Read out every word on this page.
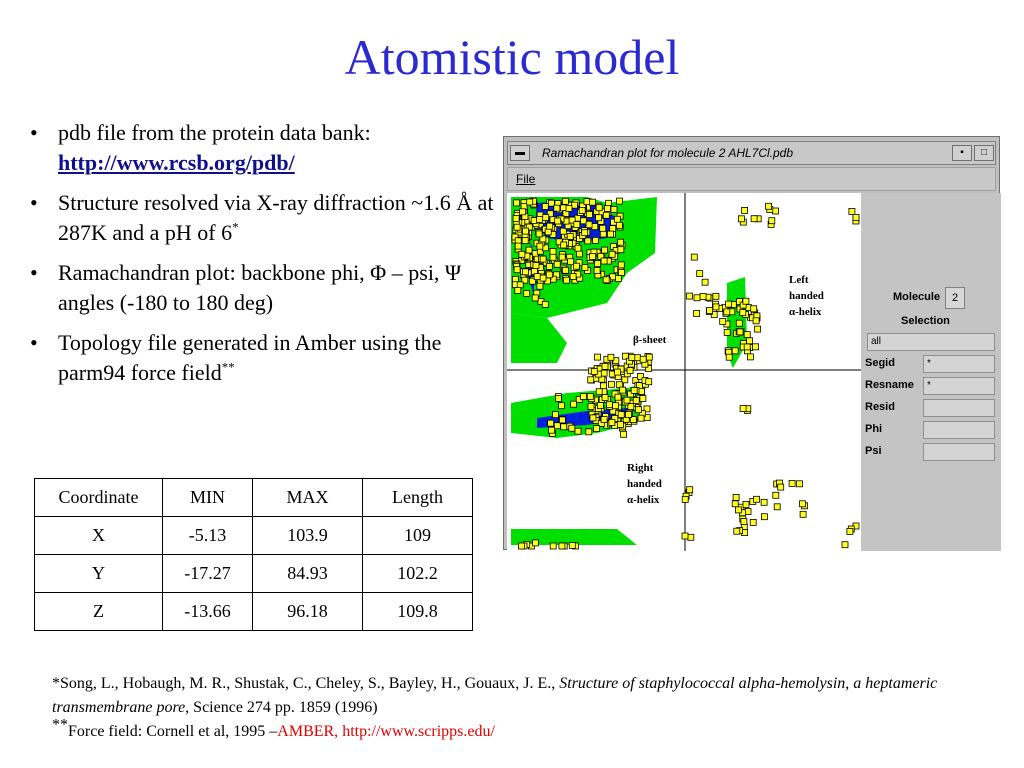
Atomistic model
• pdb file from the protein data bank:
http://www.rcsb.org/pdb/
• Structure resolved via X-ray diffraction ~1.6 Å at 287K and a pH of 6*
• Ramachandran plot: backbone phi, Φ – psi, Ψ angles (-180 to 180 deg)
• Topology file generated in Amber using the parm94 force field**
Coordinate	MIN	MAX	Length
X	-5.13	103.9	109
Y	-17.27	84.93	102.2
Z	-13.66	96.18	109.8
*Song, L., Hobaugh, M. R., Shustak, C., Cheley, S., Bayley, H., Gouaux, J. E., Structure of staphylococcal alpha-hemolysin, a heptameric transmembrane pore, Science 274 pp. 1859 (1996)
**Force field: Cornell et al, 1995 –AMBER, http://www.scripps.edu/
▬	Ramachandran plot for molecule 2 AHL7Cl.pdb	▪	□
File
Left
handed
α-helix
β-sheet
Right
handed
α-helix
Molecule	2
Selection
all
Segid	*
Resname	*
Resid
Phi
Psi
